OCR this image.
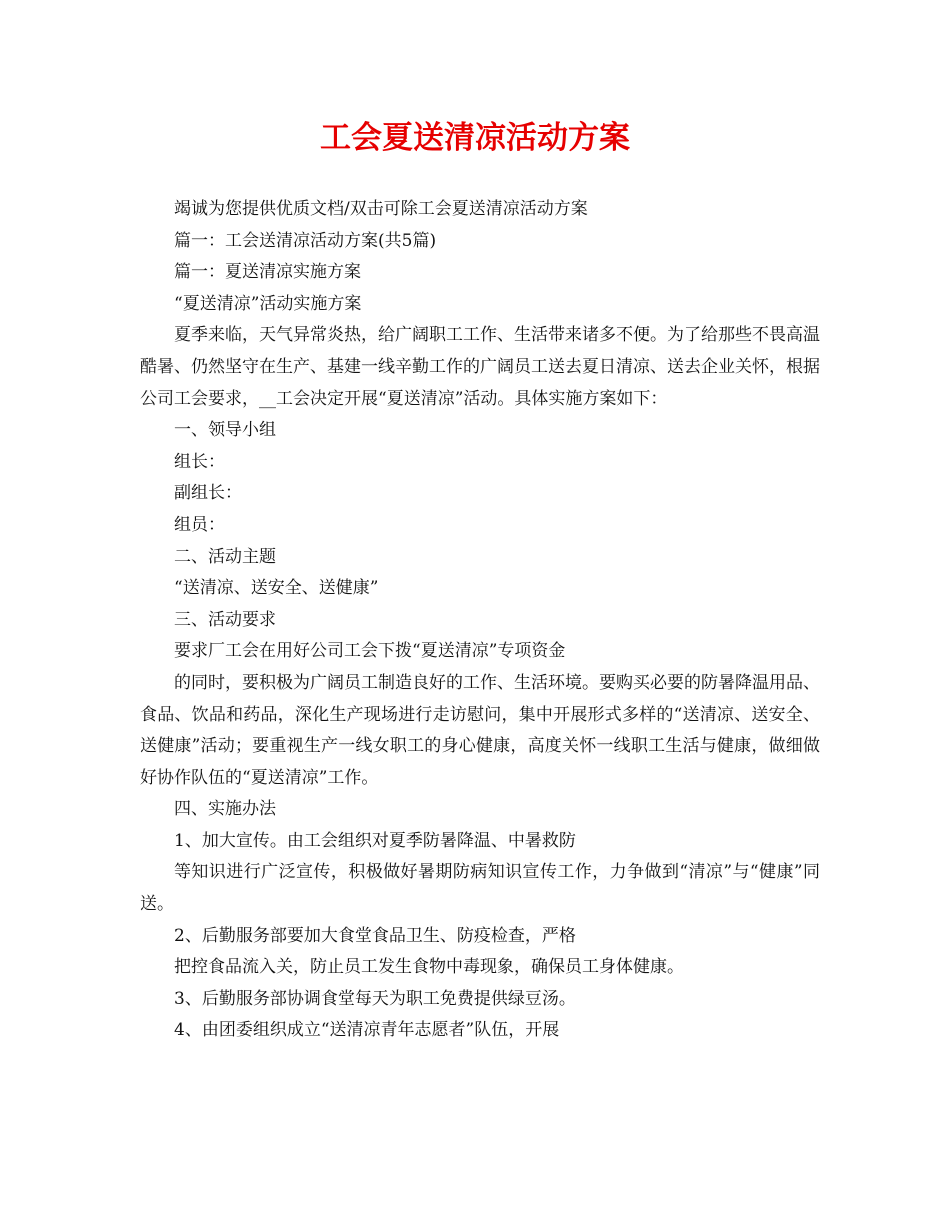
工会夏送清凉活动方案

竭诚为您提供优质文档/双击可除工会夏送清凉活动方案

篇一：工会送清凉活动方案(共5篇)

篇一：夏送清凉实施方案

“夏送清凉”活动实施方案

夏季来临，天气异常炎热，给广阔职工工作、生活带来诸多不便。为了给那些不畏高温酷暑、仍然坚守在生产、基建一线辛勤工作的广阔员工送去夏日清凉、送去企业关怀，根据公司工会要求，__工会决定开展“夏送清凉”活动。具体实施方案如下：

一、领导小组

组长：

副组长：

组员：

二、活动主题

“送清凉、送安全、送健康”

三、活动要求

要求厂工会在用好公司工会下拨“夏送清凉”专项资金

的同时，要积极为广阔员工制造良好的工作、生活环境。要购买必要的防暑降温用品、食品、饮品和药品，深化生产现场进行走访慰问，集中开展形式多样的“送清凉、送安全、送健康”活动；要重视生产一线女职工的身心健康，高度关怀一线职工生活与健康，做细做好协作队伍的“夏送清凉”工作。

四、实施办法

1、加大宣传。由工会组织对夏季防暑降温、中暑救防

等知识进行广泛宣传，积极做好暑期防病知识宣传工作，力争做到“清凉”与“健康”同送。

2、后勤服务部要加大食堂食品卫生、防疫检查，严格

把控食品流入关，防止员工发生食物中毒现象，确保员工身体健康。

3、后勤服务部协调食堂每天为职工免费提供绿豆汤。

4、由团委组织成立“送清凉青年志愿者”队伍，开展
